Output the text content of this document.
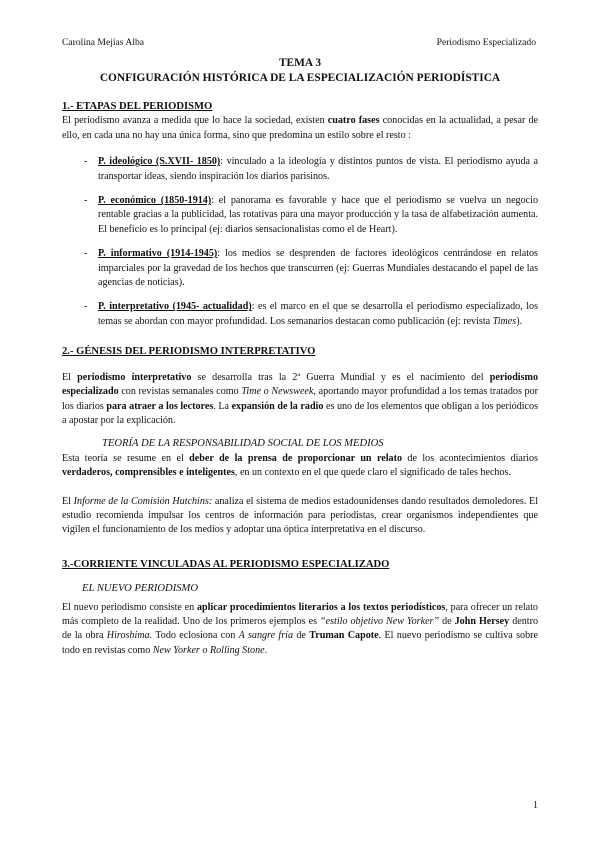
Carolina Mejías Alba	Periodismo Especializado
TEMA 3
CONFIGURACIÓN HISTÓRICA DE LA ESPECIALIZACIÓN PERIODÍSTICA
1.- ETAPAS DEL PERIODISMO

El periodismo avanza a medida que lo hace la sociedad, existen cuatro fases conocidas en la actualidad, a pesar de ello, en cada una no hay una única forma, sino que predomina un estilo sobre el resto :

- P. ideológico (S.XVII- 1850): vinculado a la ideología y distintos puntos de vista. El periodismo ayuda a transportar ideas, siendo inspiración los diarios parisinos.
- P. económico (1850-1914): el panorama es favorable y hace que el periodismo se vuelva un negocio rentable gracias a la publicidad, las rotativas para una mayor producción y la tasa de alfabetización aumenta. El beneficio es lo principal (ej: diarios sensacionalistas como el de Heart).
- P. informativo (1914-1945): los medios se desprenden de factores ideológicos centrándose en relatos imparciales por la gravedad de los hechos que transcurren (ej: Guerras Mundiales destacando el papel de las agencias de noticias).
- P. interpretativo (1945- actualidad): es el marco en el que se desarrolla el periodismo especializado, los temas se abordan con mayor profundidad. Los semanarios destacan como publicación (ej: revista Times).
2.- GÉNESIS DEL PERIODISMO INTERPRETATIVO

El periodismo interpretativo se desarrolla tras la 2ª Guerra Mundial y es el nacimiento del periodismo especializado con revistas semanales como Time o Newsweek, aportando mayor profundidad a los temas tratados por los diarios para atraer a los lectores. La expansión de la radio es uno de los elementos que obligan a los periódicos a apostar por la explicación.

TEORÍA DE LA RESPONSABILIDAD SOCIAL DE LOS MEDIOS

Esta teoría se resume en el deber de la prensa de proporcionar un relato de los acontecimientos diarios verdaderos, comprensibles e inteligentes, en un contexto en el que quede claro el significado de tales hechos.

El Informe de la Comisión Hutchins: analiza el sistema de medios estadounidenses dando resultados demoledores. El estudio recomienda impulsar los centros de información para periodistas, crear organismos independientes que vigilen el funcionamiento de los medios y adoptar una óptica interpretativa en el discurso.

3.-CORRIENTE VINCULADAS AL PERIODISMO ESPECIALIZADO
EL NUEVO PERIODISMO

El nuevo periodismo consiste en aplicar procedimientos literarios a los textos periodísticos, para ofrecer un relato más completo de la realidad. Uno de los primeros ejemplos es “estilo objetivo New Yorker” de John Hersey dentro de la obra Hiroshima. Todo eclosiona con A sangre fría de Truman Capote. El nuevo periodismo se cultiva sobre todo en revistas como New Yorker o Rolling Stone.

1
